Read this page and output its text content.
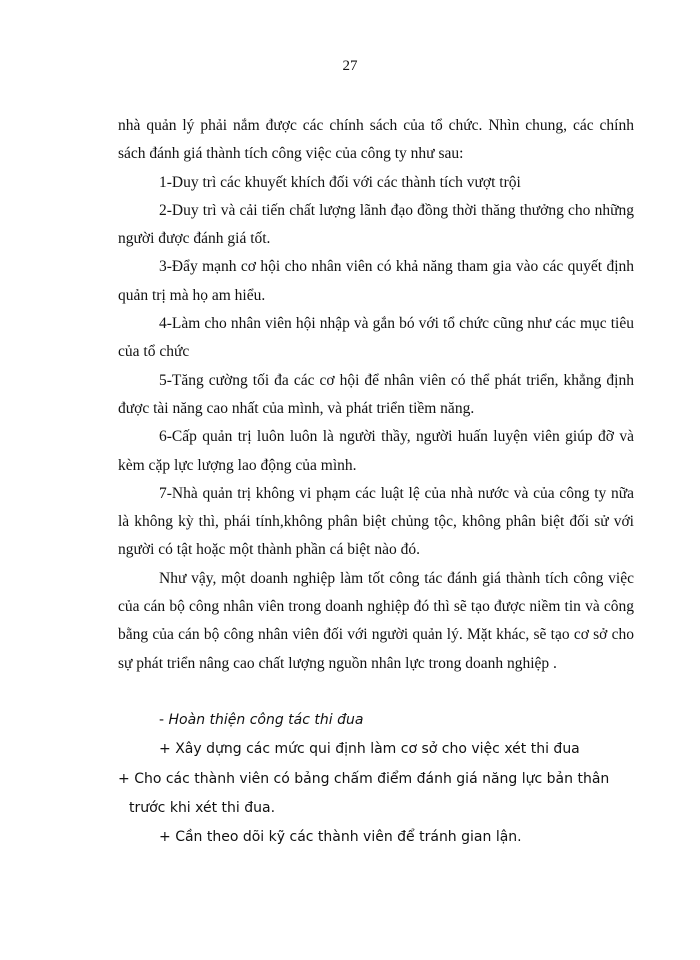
27

nhà quản lý phải nắm được các chính sách của tổ chức. Nhìn chung, các chính sách đánh giá thành tích công việc của công ty như sau:

1-Duy trì các khuyết khích đối với các thành tích vượt trội

2-Duy trì và cải tiến chất lượng lãnh đạo đồng thời thăng thưởng cho những người được đánh giá tốt.

3-Đẩy mạnh cơ hội cho nhân viên có khả năng tham gia vào các quyết định quản trị mà họ am hiểu.

4-Làm cho nhân viên hội nhập và gắn bó với tổ chức cũng như các mục tiêu của tổ chức

5-Tăng cường tối đa các cơ hội để nhân viên có thể phát triển, khẳng định được tài năng cao nhất của mình, và phát triển tiềm năng.

6-Cấp quản trị luôn luôn là người thầy, người huấn luyện viên giúp đỡ và kèm cặp lực lượng lao động của mình.

7-Nhà quản trị không vi phạm các luật lệ của nhà nước và của công ty nữa là không kỳ thì, phái tính,không phân biệt chủng tộc, không phân biệt đối sử với người có tật hoặc một thành phần cá biệt nào đó.

Như vậy, một doanh nghiệp làm tốt công tác đánh giá thành tích công việc của cán bộ công nhân viên trong doanh nghiệp đó thì sẽ tạo được niềm tin và công bằng của cán bộ công nhân viên đối với người quản lý. Mặt khác, sẽ tạo cơ sở cho sự phát triển nâng cao chất lượng nguồn nhân lực trong doanh nghiệp .

- Hoàn thiện công tác thi đua

+ Xây dựng các mức qui định làm cơ sở cho việc xét thi đua

+ Cho các thành viên có bảng chấm điểm đánh giá năng lực bản thân trước khi xét thi đua.

+ Cần theo dõi kỹ các thành viên để tránh gian lận.
